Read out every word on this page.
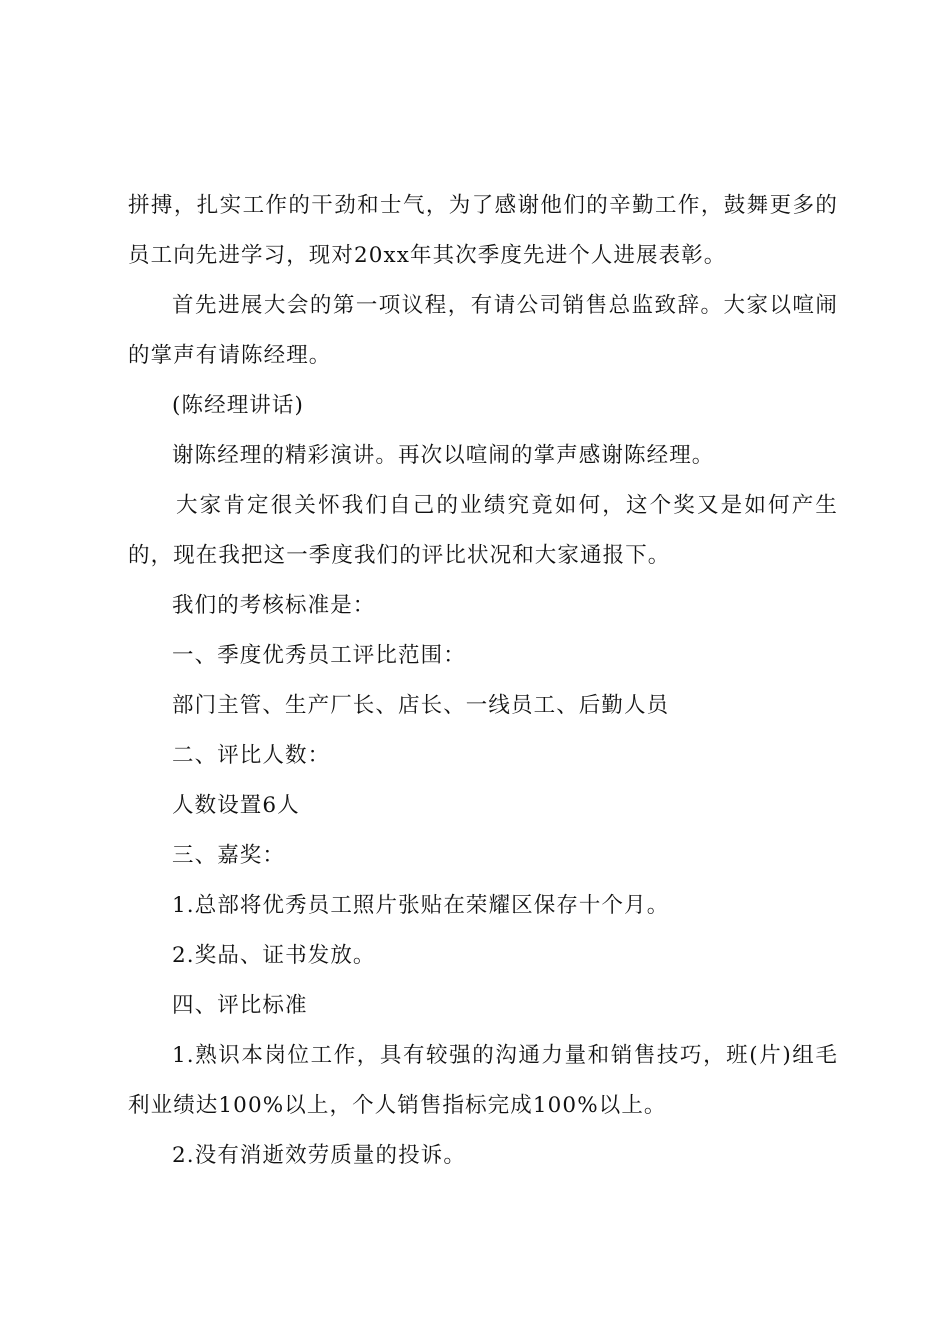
拼搏，扎实工作的干劲和士气，为了感谢他们的辛勤工作，鼓舞更多的员工向先进学习，现对20xx年其次季度先进个人进展表彰。

首先进展大会的第一项议程，有请公司销售总监致辞。大家以喧闹的掌声有请陈经理。

(陈经理讲话)

谢陈经理的精彩演讲。再次以喧闹的掌声感谢陈经理。

大家肯定很关怀我们自己的业绩究竟如何，这个奖又是如何产生的，现在我把这一季度我们的评比状况和大家通报下。

我们的考核标准是：

一、季度优秀员工评比范围：

部门主管、生产厂长、店长、一线员工、后勤人员

二、评比人数：

人数设置6人

三、嘉奖：

1.总部将优秀员工照片张贴在荣耀区保存十个月。

2.奖品、证书发放。

四、评比标准

1.熟识本岗位工作，具有较强的沟通力量和销售技巧，班(片)组毛利业绩达100%以上，个人销售指标完成100%以上。

2.没有消逝效劳质量的投诉。
